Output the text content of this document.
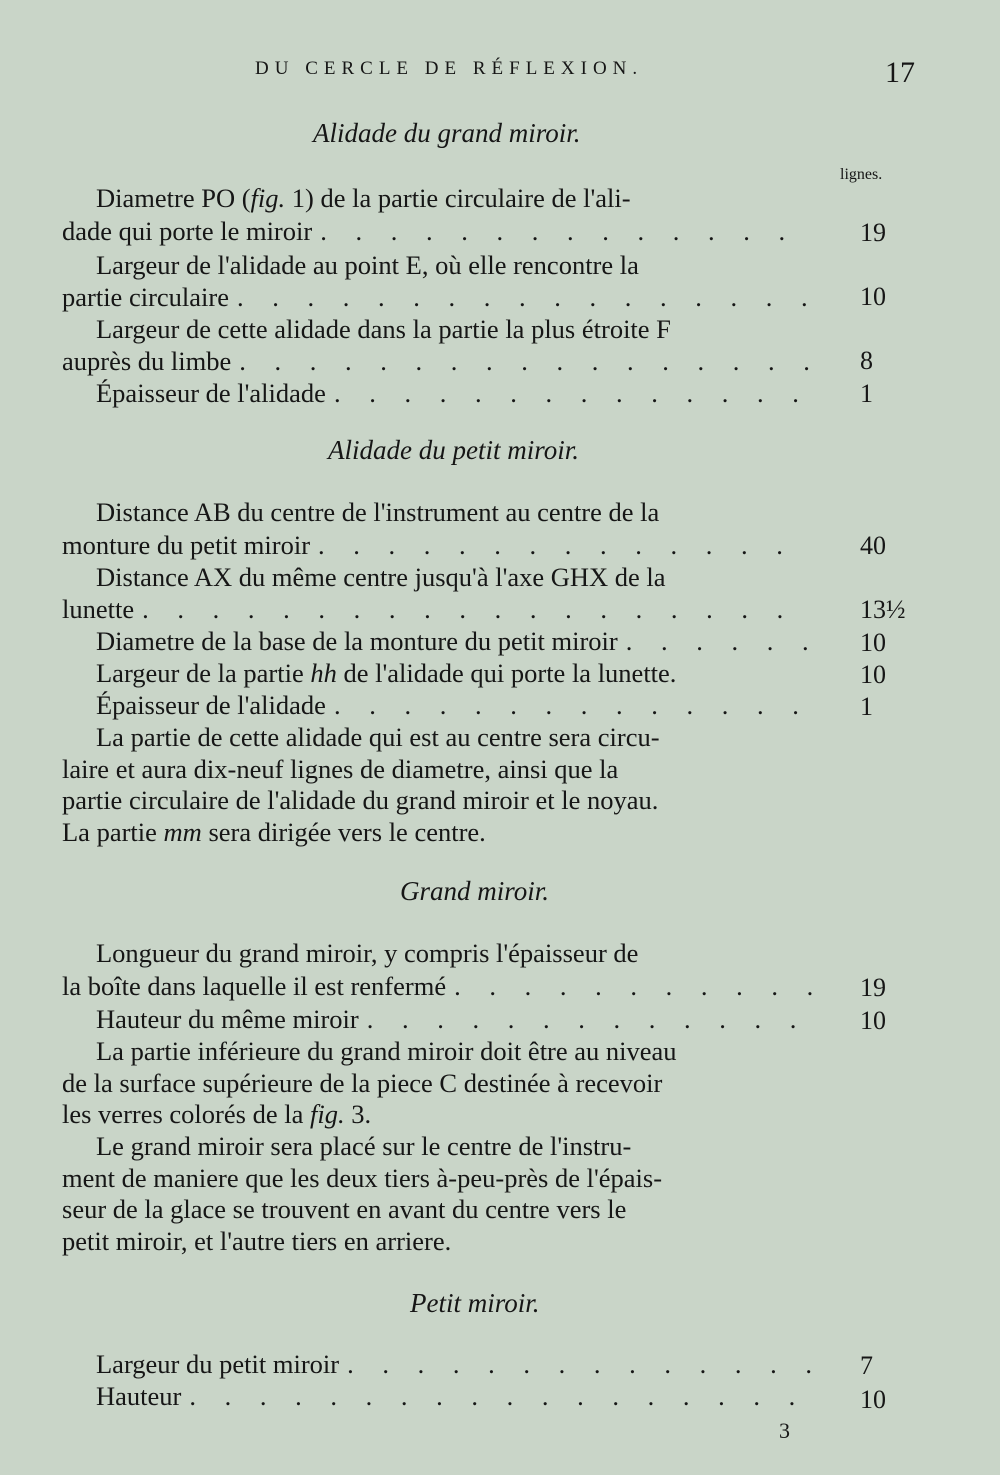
DU CERCLE DE RÉFLEXION.	17
Alidade du grand miroir.
lignes.
Diametre PO (fig. 1) de la partie circulaire de l'ali-
dade qui porte le miroir . . .	19
Largeur de l'alidade au point E, où elle rencontre la
partie circulaire . . .	10
Largeur de cette alidade dans la partie la plus étroite F
auprès du limbe . . .	8
Épaisseur de l'alidade . . .	1
Alidade du petit miroir.
Distance AB du centre de l'instrument au centre de la
monture du petit miroir . . .	40
Distance AX du même centre jusqu'à l'axe GHX de la
lunette . . .	13½
Diametre de la base de la monture du petit miroir . . .	10
Largeur de la partie hh de l'alidade qui porte la lunette.	10
Épaisseur de l'alidade . . .	1
La partie de cette alidade qui est au centre sera circu-
laire et aura dix-neuf lignes de diametre, ainsi que la
partie circulaire de l'alidade du grand miroir et le noyau.
La partie mm sera dirigée vers le centre.
Grand miroir.
Longueur du grand miroir, y compris l'épaisseur de
la boîte dans laquelle il est renfermé . . .	19
Hauteur du même miroir . . .	10
La partie inférieure du grand miroir doit être au niveau
de la surface supérieure de la piece C destinée à recevoir
les verres colorés de la fig. 3.
Le grand miroir sera placé sur le centre de l'instru-
ment de maniere que les deux tiers à-peu-près de l'épais-
seur de la glace se trouvent en avant du centre vers le
petit miroir, et l'autre tiers en arriere.
Petit miroir.
Largeur du petit miroir . . .	7
Hauteur . . .	10
3
